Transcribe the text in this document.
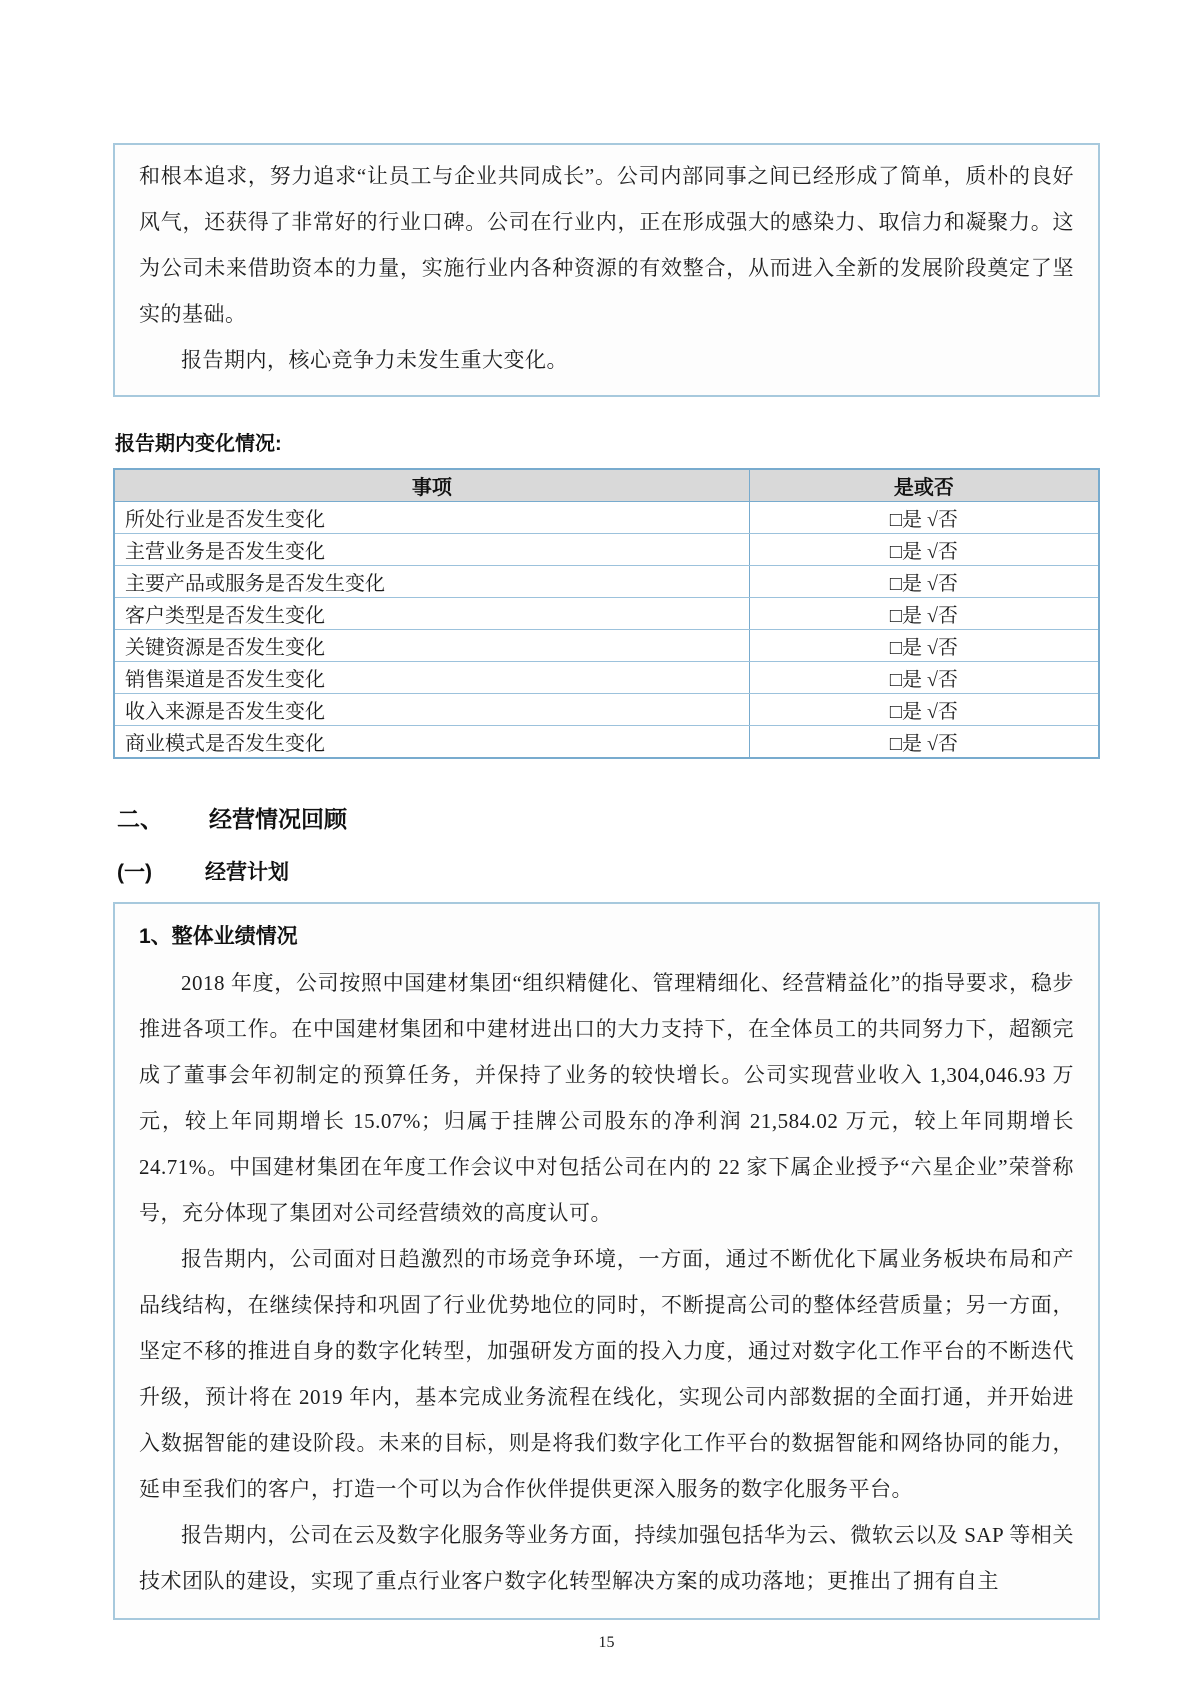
和根本追求，努力追求“让员工与企业共同成长”。公司内部同事之间已经形成了简单，质朴的良好风气，还获得了非常好的行业口碑。公司在行业内，正在形成强大的感染力、取信力和凝聚力。这为公司未来借助资本的力量，实施行业内各种资源的有效整合，从而进入全新的发展阶段奠定了坚实的基础。

报告期内，核心竞争力未发生重大变化。

报告期内变化情况:
事项	是或否
所处行业是否发生变化	□是 √否
主营业务是否发生变化	□是 √否
主要产品或服务是否发生变化	□是 √否
客户类型是否发生变化	□是 √否
关键资源是否发生变化	□是 √否
销售渠道是否发生变化	□是 √否
收入来源是否发生变化	□是 √否
商业模式是否发生变化	□是 √否
二、	经营情况回顾
(一)	经营计划
1、整体业绩情况

2018 年度，公司按照中国建材集团“组织精健化、管理精细化、经营精益化”的指导要求，稳步推进各项工作。在中国建材集团和中建材进出口的大力支持下，在全体员工的共同努力下，超额完成了董事会年初制定的预算任务，并保持了业务的较快增长。公司实现营业收入 1,304,046.93 万元，较上年同期增长 15.07%；归属于挂牌公司股东的净利润 21,584.02 万元，较上年同期增长 24.71%。中国建材集团在年度工作会议中对包括公司在内的 22 家下属企业授予“六星企业”荣誉称号，充分体现了集团对公司经营绩效的高度认可。

报告期内，公司面对日趋激烈的市场竞争环境，一方面，通过不断优化下属业务板块布局和产品线结构，在继续保持和巩固了行业优势地位的同时，不断提高公司的整体经营质量；另一方面，坚定不移的推进自身的数字化转型，加强研发方面的投入力度，通过对数字化工作平台的不断迭代升级，预计将在 2019 年内，基本完成业务流程在线化，实现公司内部数据的全面打通，并开始进入数据智能的建设阶段。未来的目标，则是将我们数字化工作平台的数据智能和网络协同的能力，延申至我们的客户，打造一个可以为合作伙伴提供更深入服务的数字化服务平台。

报告期内，公司在云及数字化服务等业务方面，持续加强包括华为云、微软云以及 SAP 等相关技术团队的建设，实现了重点行业客户数字化转型解决方案的成功落地；更推出了拥有自主

15
